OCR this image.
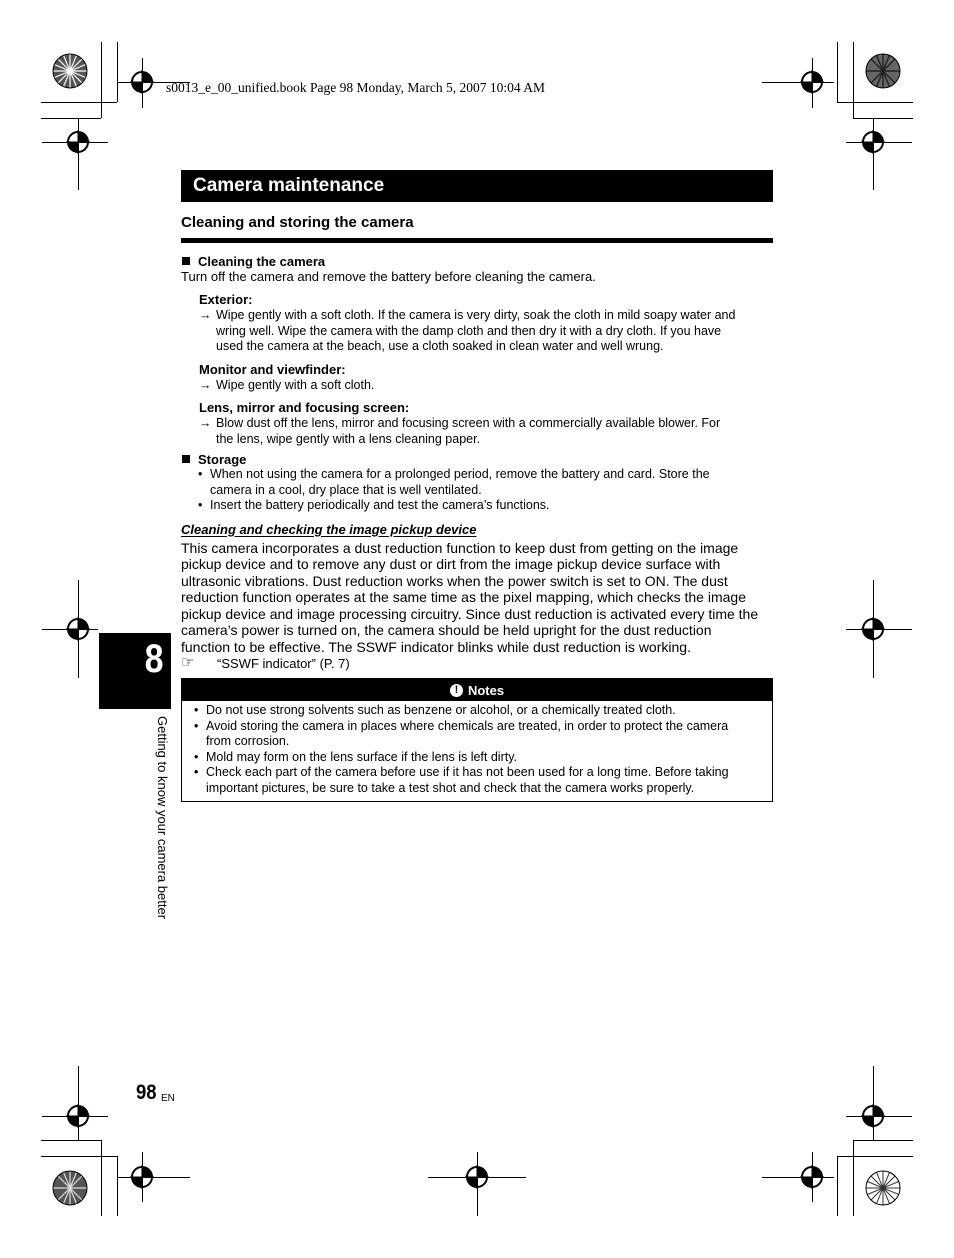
s0013_e_00_unified.book Page 98 Monday, March 5, 2007 10:04 AM
Camera maintenance
Cleaning and storing the camera
Cleaning the camera
Turn off the camera and remove the battery before cleaning the camera.
Exterior:
→ Wipe gently with a soft cloth. If the camera is very dirty, soak the cloth in mild soapy water and
wring well. Wipe the camera with the damp cloth and then dry it with a dry cloth. If you have
used the camera at the beach, use a cloth soaked in clean water and well wrung.
Monitor and viewfinder:
→ Wipe gently with a soft cloth.
Lens, mirror and focusing screen:
→ Blow dust off the lens, mirror and focusing screen with a commercially available blower. For
the lens, wipe gently with a lens cleaning paper.
Storage
• When not using the camera for a prolonged period, remove the battery and card. Store the
camera in a cool, dry place that is well ventilated.
• Insert the battery periodically and test the camera’s functions.
Cleaning and checking the image pickup device
This camera incorporates a dust reduction function to keep dust from getting on the image
pickup device and to remove any dust or dirt from the image pickup device surface with
ultrasonic vibrations. Dust reduction works when the power switch is set to ON. The dust
reduction function operates at the same time as the pixel mapping, which checks the image
pickup device and image processing circuitry. Since dust reduction is activated every time the
camera’s power is turned on, the camera should be held upright for the dust reduction
function to be effective. The SSWF indicator blinks while dust reduction is working.
☞ “SSWF indicator” (P. 7)
! Notes
• Do not use strong solvents such as benzene or alcohol, or a chemically treated cloth.
• Avoid storing the camera in places where chemicals are treated, in order to protect the camera
from corrosion.
• Mold may form on the lens surface if the lens is left dirty.
• Check each part of the camera before use if it has not been used for a long time. Before taking
important pictures, be sure to take a test shot and check that the camera works properly.
8
Getting to know your camera better
98 EN
